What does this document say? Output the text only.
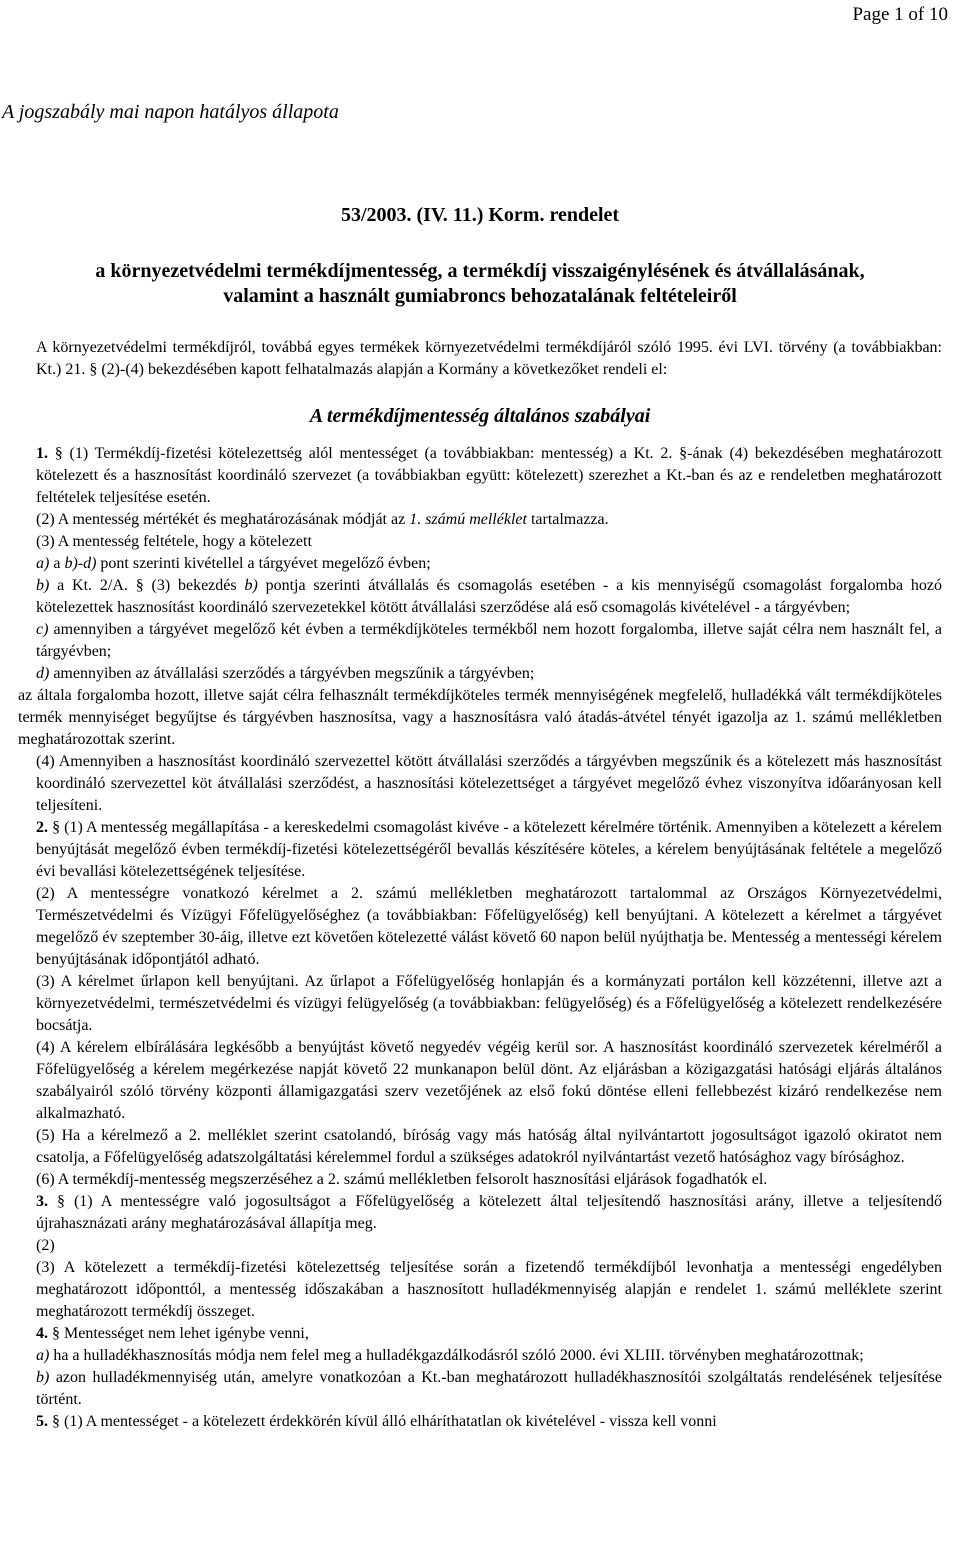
Page 1 of 10
A jogszabály mai napon hatályos állapota
53/2003. (IV. 11.) Korm. rendelet
a környezetvédelmi termékdíjmentesség, a termékdíj visszaigénylésének és átvállalásának,
valamint a használt gumiabroncs behozatalának feltételeiről

A környezetvédelmi termékdíjról, továbbá egyes termékek környezetvédelmi termékdíjáról szóló 1995. évi LVI. törvény (a továbbiakban: Kt.) 21. § (2)-(4) bekezdésében kapott felhatalmazás alapján a Kormány a következőket rendeli el:

A termékdíjmentesség általános szabályai

1. § (1) Termékdíj-fizetési kötelezettség alól mentességet (a továbbiakban: mentesség) a Kt. 2. §-ának (4) bekezdésében meghatározott kötelezett és a hasznosítást koordináló szervezet (a továbbiakban együtt: kötelezett) szerezhet a Kt.-ban és az e rendeletben meghatározott feltételek teljesítése esetén.

(2) A mentesség mértékét és meghatározásának módját az 1. számú melléklet tartalmazza.

(3) A mentesség feltétele, hogy a kötelezett

a) a b)-d) pont szerinti kivétellel a tárgyévet megelőző évben;

b) a Kt. 2/A. § (3) bekezdés b) pontja szerinti átvállalás és csomagolás esetében - a kis mennyiségű csomagolást forgalomba hozó kötelezettek hasznosítást koordináló szervezetekkel kötött átvállalási szerződése alá eső csomagolás kivételével - a tárgyévben;

c) amennyiben a tárgyévet megelőző két évben a termékdíjköteles termékből nem hozott forgalomba, illetve saját célra nem használt fel, a tárgyévben;

d) amennyiben az átvállalási szerződés a tárgyévben megszűnik a tárgyévben;

az általa forgalomba hozott, illetve saját célra felhasznált termékdíjköteles termék mennyiségének megfelelő, hulladékká vált termékdíjköteles termék mennyiséget begyűjtse és tárgyévben hasznosítsa, vagy a hasznosításra való átadás-átvétel tényét igazolja az 1. számú mellékletben meghatározottak szerint.

(4) Amennyiben a hasznosítást koordináló szervezettel kötött átvállalási szerződés a tárgyévben megszűnik és a kötelezett más hasznosítást koordináló szervezettel köt átvállalási szerződést, a hasznosítási kötelezettséget a tárgyévet megelőző évhez viszonyítva időarányosan kell teljesíteni.

2. § (1) A mentesség megállapítása - a kereskedelmi csomagolást kivéve - a kötelezett kérelmére történik. Amennyiben a kötelezett a kérelem benyújtását megelőző évben termékdíj-fizetési kötelezettségéről bevallás készítésére köteles, a kérelem benyújtásának feltétele a megelőző évi bevallási kötelezettségének teljesítése.

(2) A mentességre vonatkozó kérelmet a 2. számú mellékletben meghatározott tartalommal az Országos Környezetvédelmi, Természetvédelmi és Vízügyi Főfelügyelőséghez (a továbbiakban: Főfelügyelőség) kell benyújtani. A kötelezett a kérelmet a tárgyévet megelőző év szeptember 30-áig, illetve ezt követően kötelezetté válást követő 60 napon belül nyújthatja be. Mentesség a mentességi kérelem benyújtásának időpontjától adható.

(3) A kérelmet űrlapon kell benyújtani. Az űrlapot a Főfelügyelőség honlapján és a kormányzati portálon kell közzétenni, illetve azt a környezetvédelmi, természetvédelmi és vízügyi felügyelőség (a továbbiakban: felügyelőség) és a Főfelügyelőség a kötelezett rendelkezésére bocsátja.

(4) A kérelem elbírálására legkésőbb a benyújtást követő negyedév végéig kerül sor. A hasznosítást koordináló szervezetek kérelméről a Főfelügyelőség a kérelem megérkezése napját követő 22 munkanapon belül dönt. Az eljárásban a közigazgatási hatósági eljárás általános szabályairól szóló törvény központi államigazgatási szerv vezetőjének az első fokú döntése elleni fellebbezést kizáró rendelkezése nem alkalmazható.

(5) Ha a kérelmező a 2. melléklet szerint csatolandó, bíróság vagy más hatóság által nyilvántartott jogosultságot igazoló okiratot nem csatolja, a Főfelügyelőség adatszolgáltatási kérelemmel fordul a szükséges adatokról nyilvántartást vezető hatósághoz vagy bírósághoz.

(6) A termékdíj-mentesség megszerzéséhez a 2. számú mellékletben felsorolt hasznosítási eljárások fogadhatók el.

3. § (1) A mentességre való jogosultságot a Főfelügyelőség a kötelezett által teljesítendő hasznosítási arány, illetve a teljesítendő újrahasznázati arány meghatározásával állapítja meg.

(2)

(3) A kötelezett a termékdíj-fizetési kötelezettség teljesítése során a fizetendő termékdíjból levonhatja a mentességi engedélyben meghatározott időponttól, a mentesség időszakában a hasznosított hulladékmennyiség alapján e rendelet 1. számú melléklete szerint meghatározott termékdíj összeget.

4. § Mentességet nem lehet igénybe venni,

a) ha a hulladékhasznosítás módja nem felel meg a hulladékgazdálkodásról szóló 2000. évi XLIII. törvényben meghatározottnak;

b) azon hulladékmennyiség után, amelyre vonatkozóan a Kt.-ban meghatározott hulladékhasznosítói szolgáltatás rendelésének teljesítése történt.

5. § (1) A mentességet - a kötelezett érdekkörén kívül álló elháríthatatlan ok kivételével - vissza kell vonni
